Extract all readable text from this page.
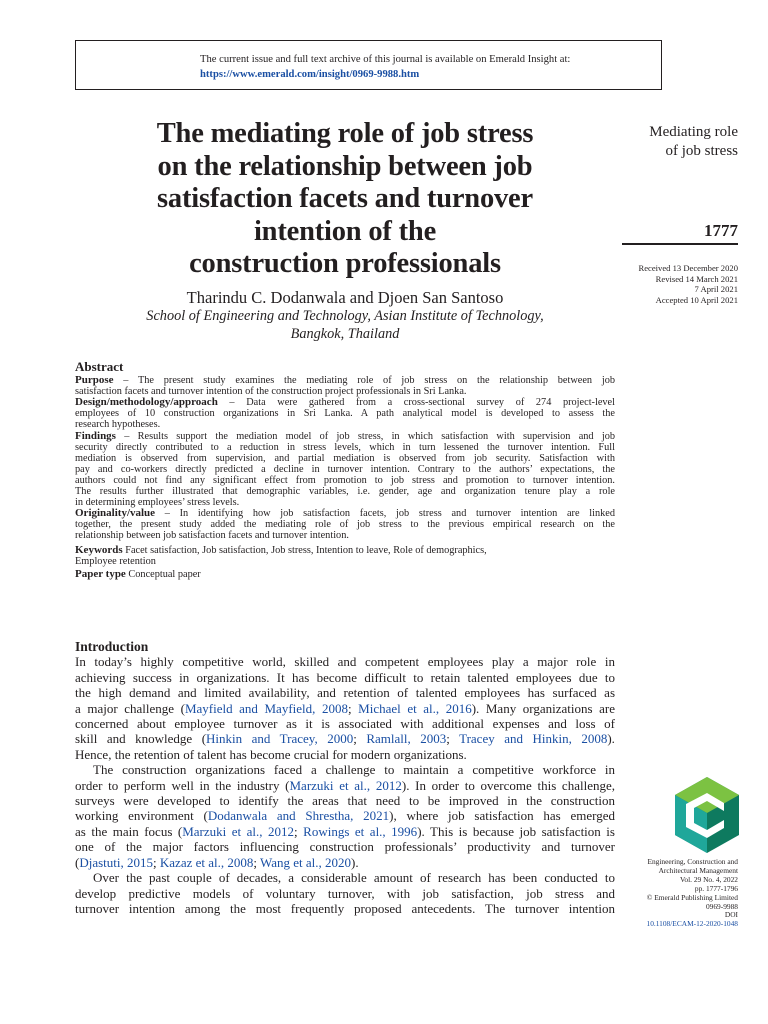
The current issue and full text archive of this journal is available on Emerald Insight at:
https://www.emerald.com/insight/0969-9988.htm
The mediating role of job stress
on the relationship between job
satisfaction facets and turnover
intention of the
construction professionals
Tharindu C. Dodanwala and Djoen San Santoso
School of Engineering and Technology, Asian Institute of Technology,
Bangkok, Thailand
Mediating role
of job stress
1777
Received 13 December 2020
Revised 14 March 2021
7 April 2021
Accepted 10 April 2021
Abstract
Purpose – The present study examines the mediating role of job stress on the relationship between job
satisfaction facets and turnover intention of the construction project professionals in Sri Lanka.
Design/methodology/approach – Data were gathered from a cross-sectional survey of 274 project-level
employees of 10 construction organizations in Sri Lanka. A path analytical model is developed to assess the
research hypotheses.
Findings – Results support the mediation model of job stress, in which satisfaction with supervision and job
security directly contributed to a reduction in stress levels, which in turn lessened the turnover intention. Full
mediation is observed from supervision, and partial mediation is observed from job security. Satisfaction with
pay and co-workers directly predicted a decline in turnover intention. Contrary to the authors’ expectations, the
authors could not find any significant effect from promotion to job stress and promotion to turnover intention.
The results further illustrated that demographic variables, i.e. gender, age and organization tenure play a role
in determining employees’ stress levels.
Originality/value – In identifying how job satisfaction facets, job stress and turnover intention are linked
together, the present study added the mediating role of job stress to the previous empirical research on the
relationship between job satisfaction facets and turnover intention.
Keywords Facet satisfaction, Job satisfaction, Job stress, Intention to leave, Role of demographics,
Employee retention
Paper type Conceptual paper
Introduction
In today’s highly competitive world, skilled and competent employees play a major role in
achieving success in organizations. It has become difficult to retain talented employees due to
the high demand and limited availability, and retention of talented employees has surfaced as
a major challenge (Mayfield and Mayfield, 2008; Michael et al., 2016). Many organizations are
concerned about employee turnover as it is associated with additional expenses and loss of
skill and knowledge (Hinkin and Tracey, 2000; Ramlall, 2003; Tracey and Hinkin, 2008).
Hence, the retention of talent has become crucial for modern organizations.
The construction organizations faced a challenge to maintain a competitive workforce in
order to perform well in the industry (Marzuki et al., 2012). In order to overcome this challenge,
surveys were developed to identify the areas that need to be improved in the construction
working environment (Dodanwala and Shrestha, 2021), where job satisfaction has emerged
as the main focus (Marzuki et al., 2012; Rowings et al., 1996). This is because job satisfaction is
one of the major factors influencing construction professionals’ productivity and turnover
(Djastuti, 2015; Kazaz et al., 2008; Wang et al., 2020).
Over the past couple of decades, a considerable amount of research has been conducted to
develop predictive models of voluntary turnover, with job satisfaction, job stress and
turnover intention among the most frequently proposed antecedents. The turnover intention
Engineering, Construction and
Architectural Management
Vol. 29 No. 4, 2022
pp. 1777-1796
© Emerald Publishing Limited
0969-9988
DOI
10.1108/ECAM-12-2020-1048
